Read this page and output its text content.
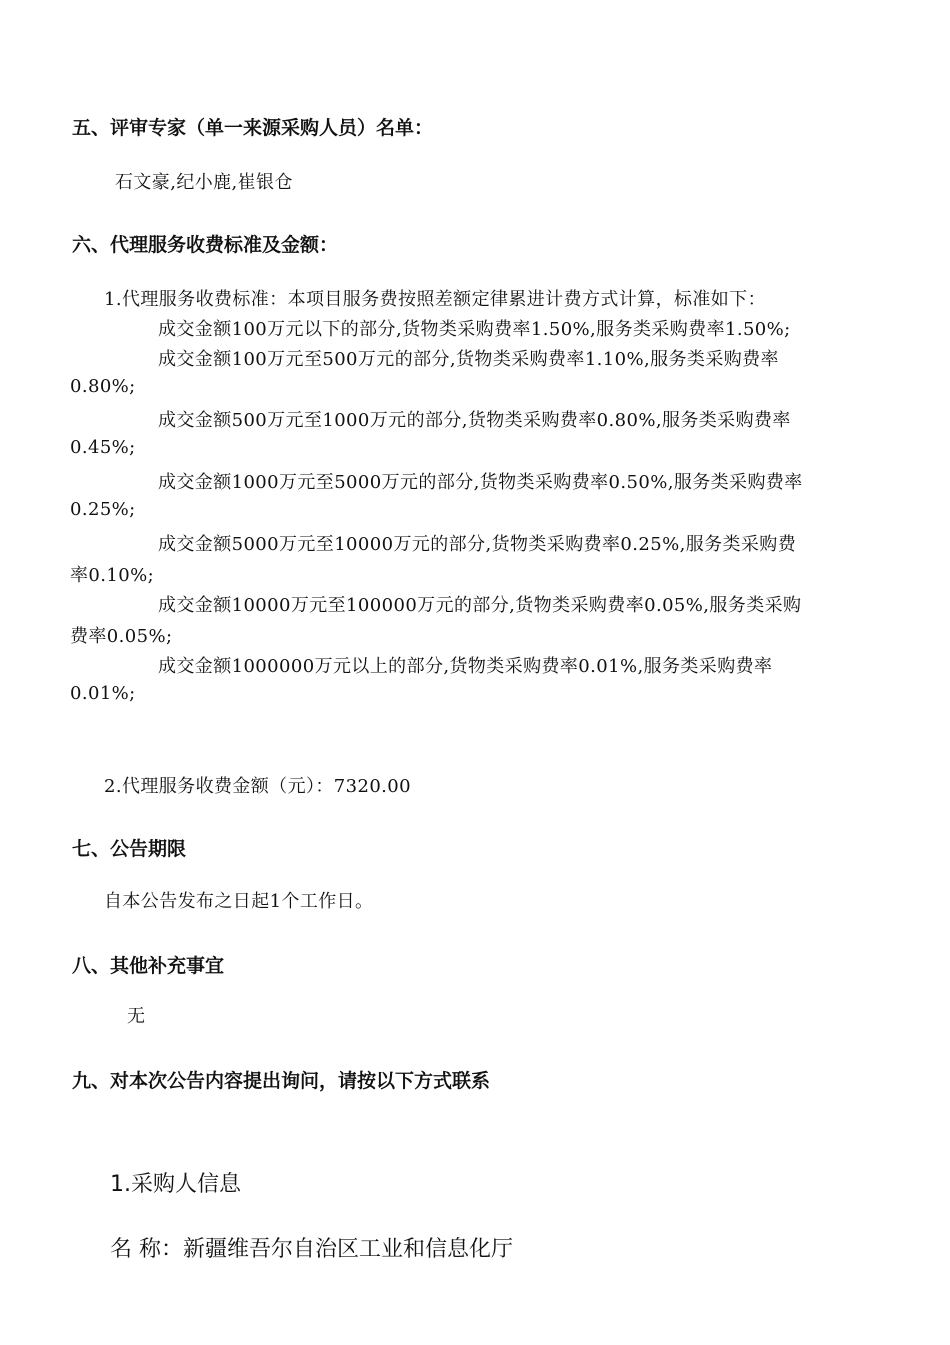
五、评审专家（单一来源采购人员）名单：
石文豪,纪小鹿,崔银仓
六、代理服务收费标准及金额：
1.代理服务收费标准：本项目服务费按照差额定律累进计费方式计算，标准如下：
成交金额100万元以下的部分,货物类采购费率1.50%,服务类采购费率1.50%;
成交金额100万元至500万元的部分,货物类采购费率1.10%,服务类采购费率
0.80%;
成交金额500万元至1000万元的部分,货物类采购费率0.80%,服务类采购费率
0.45%;
成交金额1000万元至5000万元的部分,货物类采购费率0.50%,服务类采购费率
0.25%;
成交金额5000万元至10000万元的部分,货物类采购费率0.25%,服务类采购费
率0.10%;
成交金额10000万元至100000万元的部分,货物类采购费率0.05%,服务类采购
费率0.05%;
成交金额1000000万元以上的部分,货物类采购费率0.01%,服务类采购费率
0.01%;
2.代理服务收费金额（元）：7320.00
七、公告期限
自本公告发布之日起1个工作日。
八、其他补充事宜
无
九、对本次公告内容提出询问，请按以下方式联系
1.采购人信息
名 称：新疆维吾尔自治区工业和信息化厅
